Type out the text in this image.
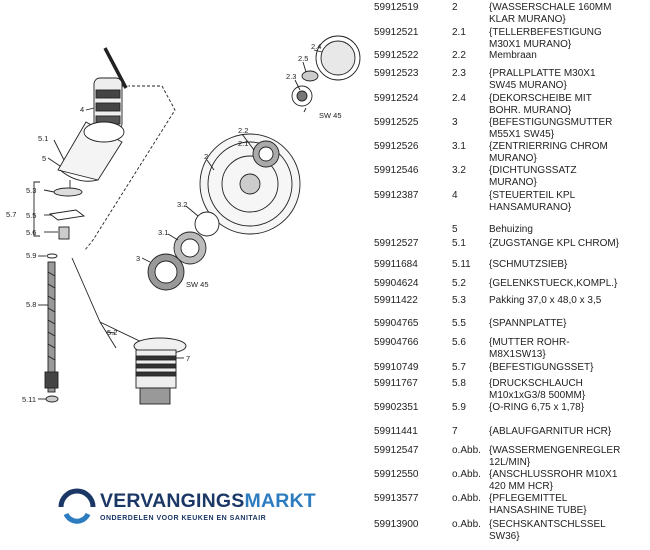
2.4
2.5
2.3
2.2
2.1
SW 45
2
3.2
3.1
3
SW 45
4
5.1
5
5.3
5.7 5.5
5.6
5.9
5.8
5.11
5.2
7
59912519	2	{WASSERSCHALE 160MM
KLAR MURANO}
59912521	2.1	{TELLERBEFESTIGUNG
M30X1 MURANO}
59912522	2.2	Membraan
59912523	2.3	{PRALLPLATTE M30X1
SW45 MURANO}
59912524	2.4	{DEKORSCHEIBE MIT
BOHR. MURANO}
59912525	3	{BEFESTIGUNGSMUTTER
M55X1 SW45}
59912526	3.1	{ZENTRIERRING CHROM
MURANO}
59912546	3.2	{DICHTUNGSSATZ
MURANO}
59912387	4	{STEUERTEIL KPL
HANSAMURANO}
5	Behuizing
59912527	5.1	{ZUGSTANGE KPL CHROM}
59911684	5.11	{SCHMUTZSIEB}
59904624	5.2	{GELENKSTUECK,KOMPL.}
59911422	5.3	Pakking 37,0 x 48,0 x 3,5
59904765	5.5	{SPANNPLATTE}
59904766	5.6	{MUTTER ROHR-
M8X1SW13}
59910749	5.7	{BEFESTIGUNGSSET}
59911767	5.8	{DRUCKSCHLAUCH
M10x1xG3/8 500MM}
59902351	5.9	{O-RING 6,75 x 1,78}
59911441	7	{ABLAUFGARNITUR HCR}
59912547	o.Abb. {WASSERMENGENREGLER
12L/MIN}
59912550	o.Abb. {ANSCHLUSSROHR M10X1
420 MM HCR}
59913577	o.Abb. {PFLEGEMITTEL
HANSASHINE TUBE}
59913900	o.Abb. {SECHSKANTSCHLSSEL
SW36}
VERVANGINGSMARKT
ONDERDELEN VOOR KEUKEN EN SANITAIR
